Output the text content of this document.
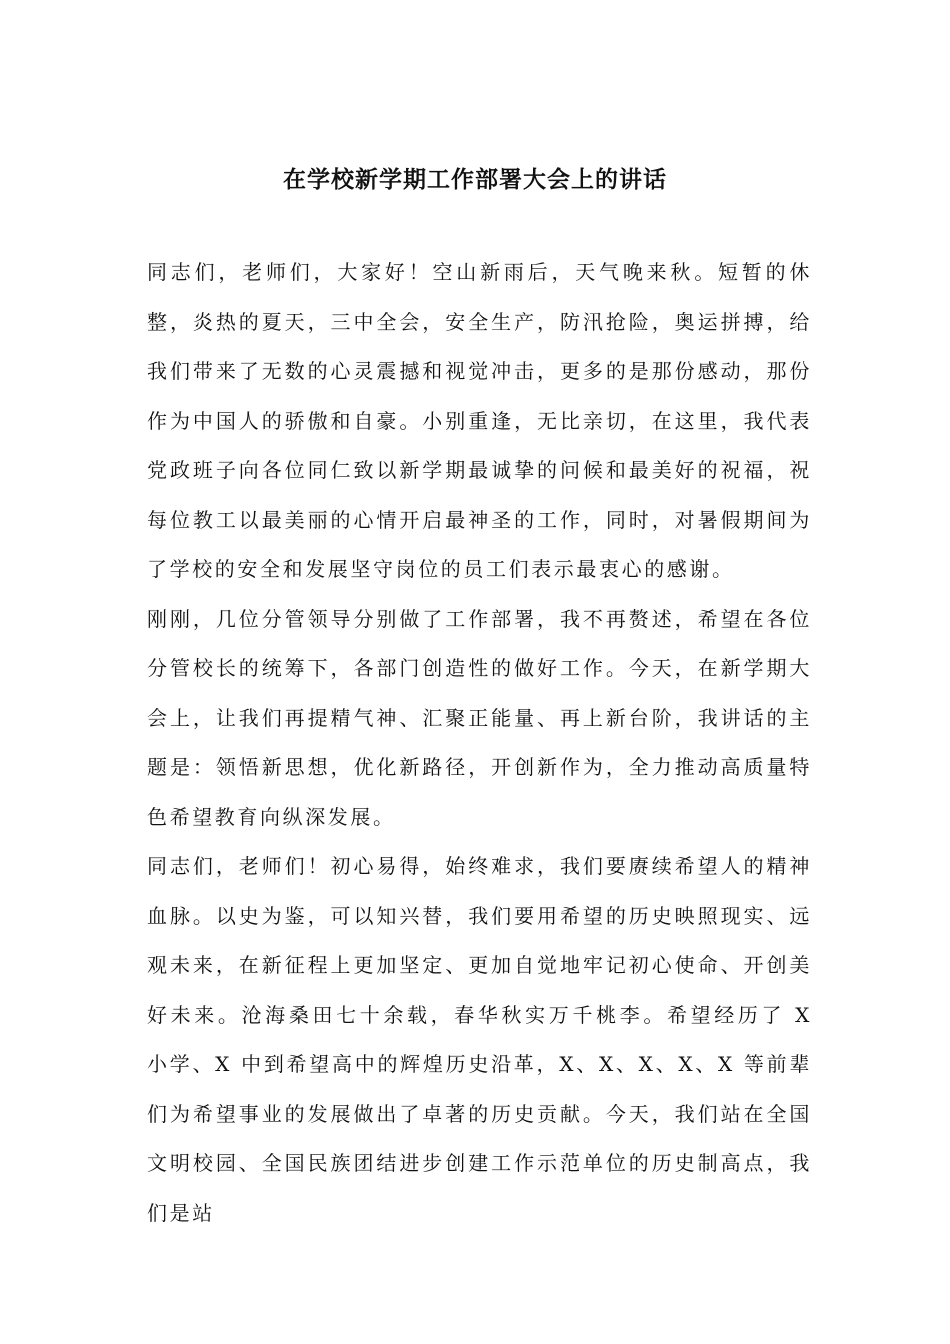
在学校新学期工作部署大会上的讲话

同志们，老师们，大家好！空山新雨后，天气晚来秋。短暂的休整，炎热的夏天，三中全会，安全生产，防汛抢险，奥运拼搏，给我们带来了无数的心灵震撼和视觉冲击，更多的是那份感动，那份作为中国人的骄傲和自豪。小别重逢，无比亲切，在这里，我代表党政班子向各位同仁致以新学期最诚挚的问候和最美好的祝福，祝每位教工以最美丽的心情开启最神圣的工作，同时，对暑假期间为了学校的安全和发展坚守岗位的员工们表示最衷心的感谢。

刚刚，几位分管领导分别做了工作部署，我不再赘述，希望在各位分管校长的统筹下，各部门创造性的做好工作。今天，在新学期大会上，让我们再提精气神、汇聚正能量、再上新台阶，我讲话的主题是：领悟新思想，优化新路径，开创新作为，全力推动高质量特色希望教育向纵深发展。

同志们，老师们！初心易得，始终难求，我们要赓续希望人的精神血脉。以史为鉴，可以知兴替，我们要用希望的历史映照现实、远观未来，在新征程上更加坚定、更加自觉地牢记初心使命、开创美好未来。沧海桑田七十余载，春华秋实万千桃李。希望经历了 X 小学、X 中到希望高中的辉煌历史沿革，X、X、X、X、X 等前辈们为希望事业的发展做出了卓著的历史贡献。今天，我们站在全国文明校园、全国民族团结进步创建工作示范单位的历史制高点，我们是站
